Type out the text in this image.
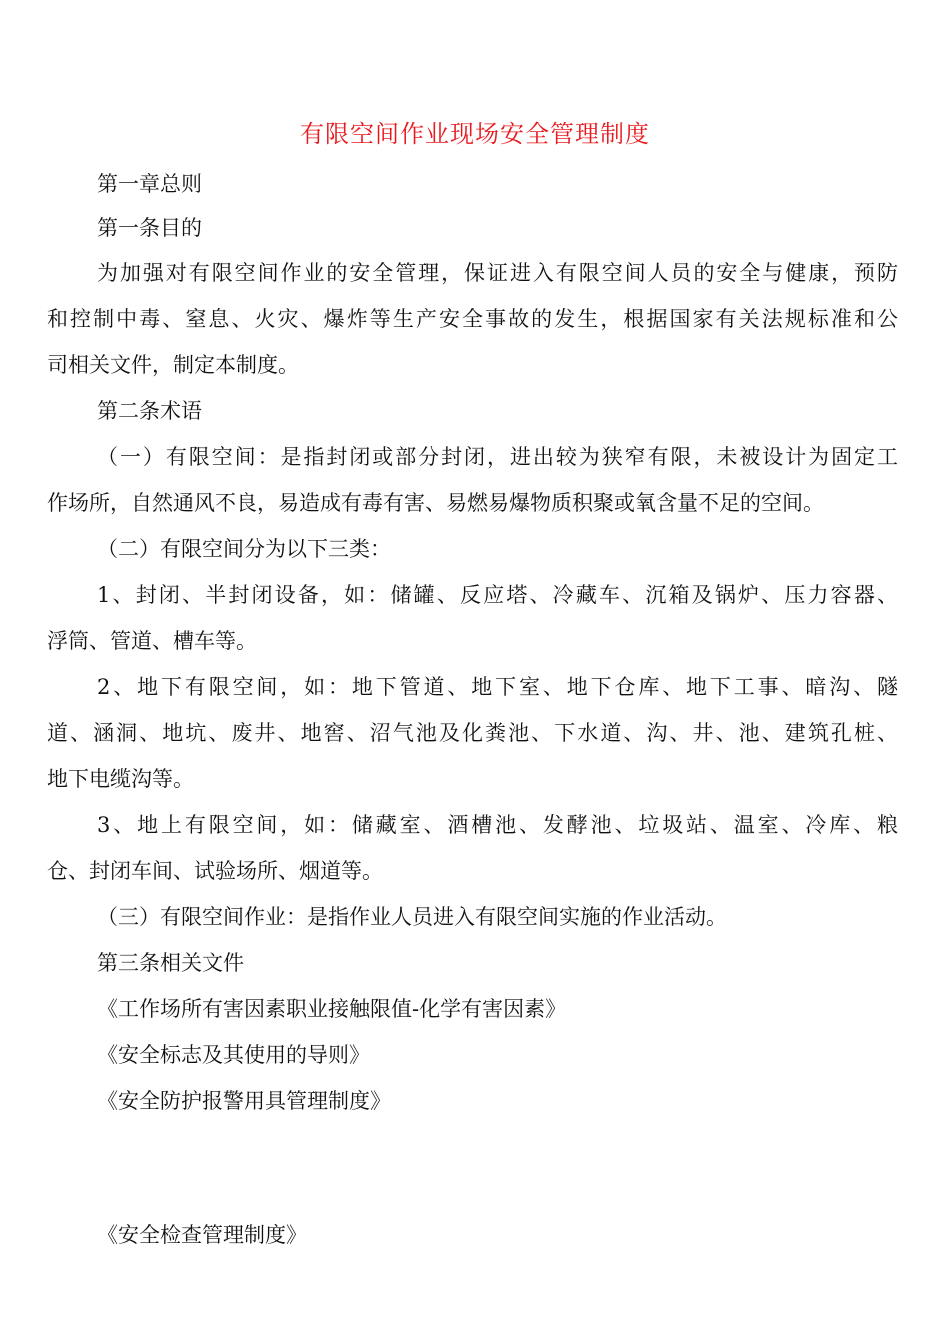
有限空间作业现场安全管理制度
第一章总则
第一条目的
为加强对有限空间作业的安全管理，保证进入有限空间人员的安全与健康，预防
和控制中毒、窒息、火灾、爆炸等生产安全事故的发生，根据国家有关法规标准和公
司相关文件，制定本制度。
第二条术语
（一）有限空间：是指封闭或部分封闭，进出较为狭窄有限，未被设计为固定工
作场所，自然通风不良，易造成有毒有害、易燃易爆物质积聚或氧含量不足的空间。
（二）有限空间分为以下三类：
1、封闭、半封闭设备，如：储罐、反应塔、冷藏车、沉箱及锅炉、压力容器、
浮筒、管道、槽车等。
2、地下有限空间，如：地下管道、地下室、地下仓库、地下工事、暗沟、隧
道、涵洞、地坑、废井、地窖、沼气池及化粪池、下水道、沟、井、池、建筑孔桩、
地下电缆沟等。
3、地上有限空间，如：储藏室、酒槽池、发酵池、垃圾站、温室、冷库、粮
仓、封闭车间、试验场所、烟道等。
（三）有限空间作业：是指作业人员进入有限空间实施的作业活动。
第三条相关文件
《工作场所有害因素职业接触限值-化学有害因素》
《安全标志及其使用的导则》
《安全防护报警用具管理制度》
《安全检查管理制度》
